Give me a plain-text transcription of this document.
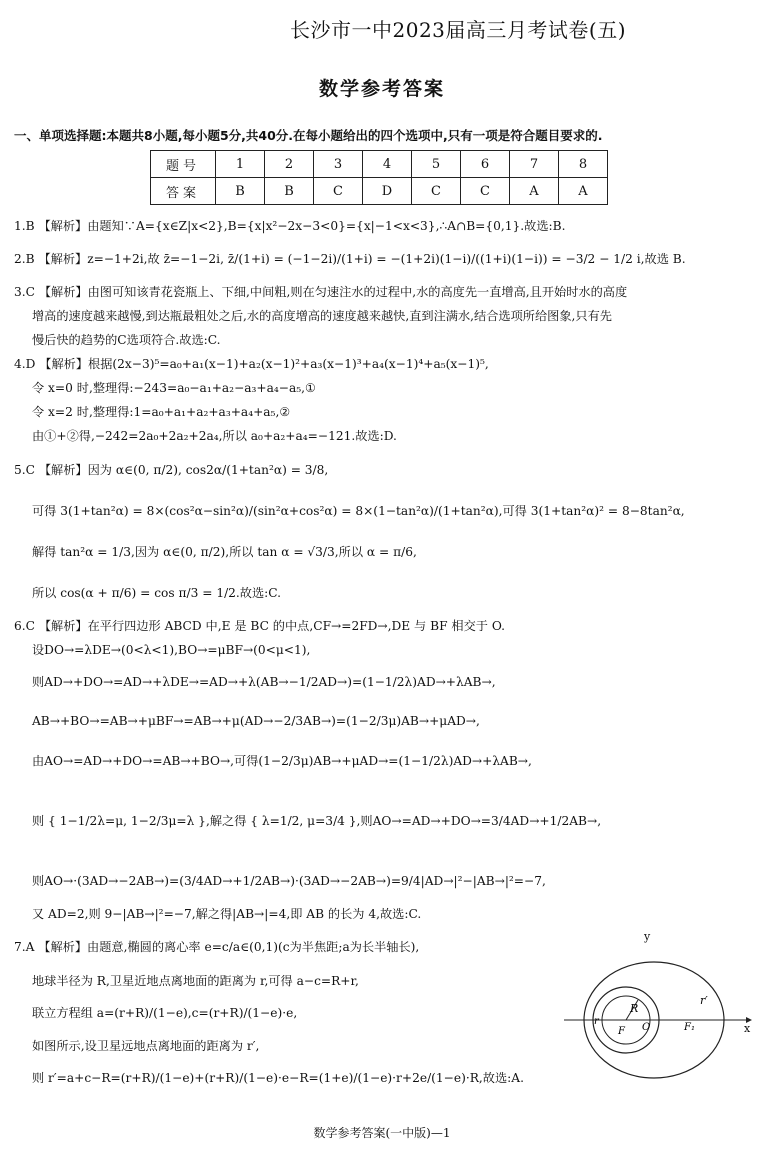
长沙市一中2023届高三月考试卷(五)
数学参考答案
一、单项选择题:本题共8小题,每小题5分,共40分.在每小题给出的四个选项中,只有一项是符合题目要求的.
题号	1	2	3	4	5	6	7	8
答案	B	B	C	D	C	C	A	A
1.B 【解析】由题知∵A={x∈Z|x<2},B={x|x²−2x−3<0}={x|−1<x<3},∴A∩B={0,1}.故选:B.
2.B 【解析】z=−1+2i,故 z̄=−1−2i, z̄/(1+i) = (−1−2i)/(1+i) = −(1+2i)(1−i)/((1+i)(1−i)) = −3/2 − 1/2 i,故选 B.
3.C 【解析】由图可知该青花瓷瓶上、下细,中间粗,则在匀速注水的过程中,水的高度先一直增高,且开始时水的高度
增高的速度越来越慢,到达瓶最粗处之后,水的高度增高的速度越来越快,直到注满水,结合选项所给图象,只有先
慢后快的趋势的C选项符合.故选:C.
4.D 【解析】根据(2x−3)⁵=a₀+a₁(x−1)+a₂(x−1)²+a₃(x−1)³+a₄(x−1)⁴+a₅(x−1)⁵,
令 x=0 时,整理得:−243=a₀−a₁+a₂−a₃+a₄−a₅,①
令 x=2 时,整理得:1=a₀+a₁+a₂+a₃+a₄+a₅,②
由①+②得,−242=2a₀+2a₂+2a₄,所以 a₀+a₂+a₄=−121.故选:D.
5.C 【解析】因为 α∈(0, π/2), cos2α/(1+tan²α) = 3/8,
可得 3(1+tan²α) = 8×(cos²α−sin²α)/(sin²α+cos²α) = 8×(1−tan²α)/(1+tan²α),可得 3(1+tan²α)² = 8−8tan²α,
解得 tan²α = 1/3,因为 α∈(0, π/2),所以 tan α = √3/3,所以 α = π/6,
所以 cos(α + π/6) = cos π/3 = 1/2.故选:C.
6.C 【解析】在平行四边形 ABCD 中,E 是 BC 的中点,CF→=2FD→,DE 与 BF 相交于 O.
设DO→=λDE→(0<λ<1),BO→=μBF→(0<μ<1),
则AD→+DO→=AD→+λDE→=AD→+λ(AB→−1/2AD→)=(1−1/2λ)AD→+λAB→,
AB→+BO→=AB→+μBF→=AB→+μ(AD→−2/3AB→)=(1−2/3μ)AB→+μAD→,
由AO→=AD→+DO→=AB→+BO→,可得(1−2/3μ)AB→+μAD→=(1−1/2λ)AD→+λAB→,
则 { 1−1/2λ=μ, 1−2/3μ=λ },解之得 { λ=1/2, μ=3/4 },则AO→=AD→+DO→=3/4AD→+1/2AB→,
则AO→·(3AD→−2AB→)=(3/4AD→+1/2AB→)·(3AD→−2AB→)=9/4|AD→|²−|AB→|²=−7,
又 AD=2,则 9−|AB→|²=−7,解之得|AB→|=4,即 AB 的长为 4,故选:C.
7.A 【解析】由题意,椭圆的离心率 e=c/a∈(0,1)(c为半焦距;a为长半轴长),
地球半径为 R,卫星近地点离地面的距离为 r,可得 a−c=R+r,
联立方程组 a=(r+R)/(1−e),c=(r+R)/(1−e)·e,
如图所示,设卫星远地点离地面的距离为 r′,
则 r′=a+c−R=(r+R)/(1−e)+(r+R)/(1−e)·e−R=(1+e)/(1−e)·r+2e/(1−e)·R,故选:A.
y
x
R
r′
r
F O	F₁
数学参考答案(一中版)—1
